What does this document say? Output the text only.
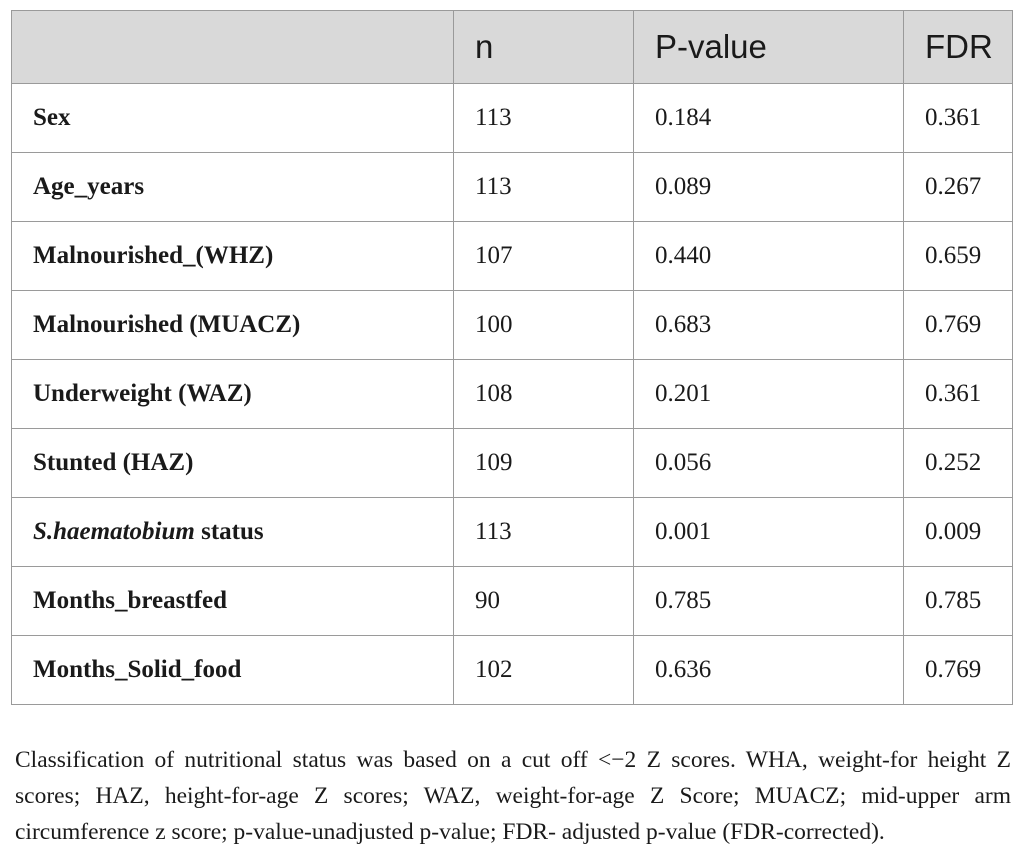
	n	P-value	FDR
Sex	113	0.184	0.361
Age_years	113	0.089	0.267
Malnourished_(WHZ)	107	0.440	0.659
Malnourished (MUACZ)	100	0.683	0.769
Underweight (WAZ)	108	0.201	0.361
Stunted (HAZ)	109	0.056	0.252
S.haematobium status	113	0.001	0.009
Months_breastfed	90	0.785	0.785
Months_Solid_food	102	0.636	0.769

Classification of nutritional status was based on a cut off <−2 Z scores. WHA, weight-for height Z scores; HAZ, height-for-age Z scores; WAZ, weight-for-age Z Score; MUACZ; mid-upper arm circumference z score; p-value-unadjusted p-value; FDR- adjusted p-value (FDR-corrected).
